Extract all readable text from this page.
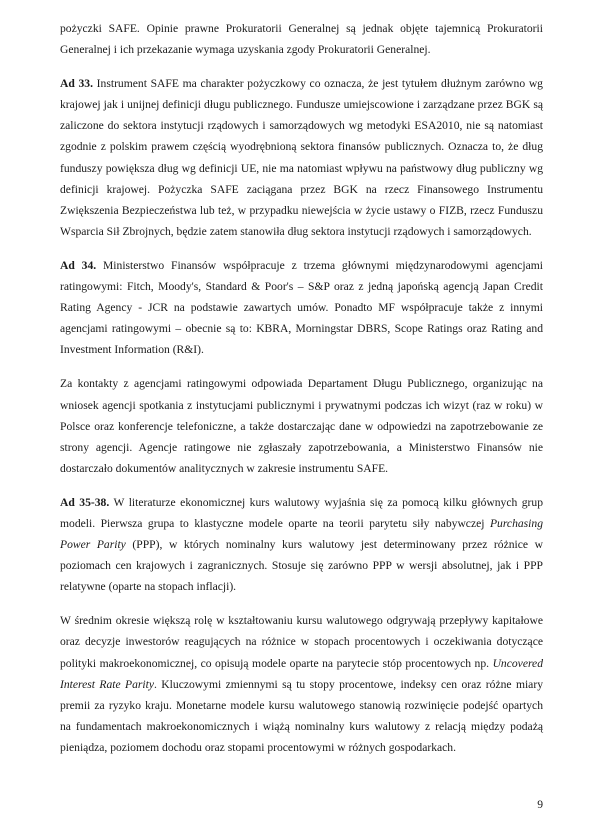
pożyczki SAFE. Opinie prawne Prokuratorii Generalnej są jednak objęte tajemnicą Prokuratorii Generalnej i ich przekazanie wymaga uzyskania zgody Prokuratorii Generalnej.

Ad 33. Instrument SAFE ma charakter pożyczkowy co oznacza, że jest tytułem dłużnym zarówno wg krajowej jak i unijnej definicji długu publicznego. Fundusze umiejscowione i zarządzane przez BGK są zaliczone do sektora instytucji rządowych i samorządowych wg metodyki ESA2010, nie są natomiast zgodnie z polskim prawem częścią wyodrębnioną sektora finansów publicznych. Oznacza to, że dług funduszy powiększa dług wg definicji UE, nie ma natomiast wpływu na państwowy dług publiczny wg definicji krajowej. Pożyczka SAFE zaciągana przez BGK na rzecz Finansowego Instrumentu Zwiększenia Bezpieczeństwa lub też, w przypadku niewejścia w życie ustawy o FIZB, rzecz Funduszu Wsparcia Sił Zbrojnych, będzie zatem stanowiła dług sektora instytucji rządowych i samorządowych.

Ad 34. Ministerstwo Finansów współpracuje z trzema głównymi międzynarodowymi agencjami ratingowymi: Fitch, Moody's, Standard & Poor's – S&P oraz z jedną japońską agencją Japan Credit Rating Agency - JCR na podstawie zawartych umów. Ponadto MF współpracuje także z innymi agencjami ratingowymi – obecnie są to: KBRA, Morningstar DBRS, Scope Ratings oraz Rating and Investment Information (R&I).

Za kontakty z agencjami ratingowymi odpowiada Departament Długu Publicznego, organizując na wniosek agencji spotkania z instytucjami publicznymi i prywatnymi podczas ich wizyt (raz w roku) w Polsce oraz konferencje telefoniczne, a także dostarczając dane w odpowiedzi na zapotrzebowanie ze strony agencji. Agencje ratingowe nie zgłaszały zapotrzebowania, a Ministerstwo Finansów nie dostarczało dokumentów analitycznych w zakresie instrumentu SAFE.

Ad 35-38. W literaturze ekonomicznej kurs walutowy wyjaśnia się za pomocą kilku głównych grup modeli. Pierwsza grupa to klastyczne modele oparte na teorii parytetu siły nabywczej Purchasing Power Parity (PPP), w których nominalny kurs walutowy jest determinowany przez różnice w poziomach cen krajowych i zagranicznych. Stosuje się zarówno PPP w wersji absolutnej, jak i PPP relatywne (oparte na stopach inflacji).

W średnim okresie większą rolę w kształtowaniu kursu walutowego odgrywają przepływy kapitałowe oraz decyzje inwestorów reagujących na różnice w stopach procentowych i oczekiwania dotyczące polityki makroekonomicznej, co opisują modele oparte na parytecie stóp procentowych np. Uncovered Interest Rate Parity. Kluczowymi zmiennymi są tu stopy procentowe, indeksy cen oraz różne miary premii za ryzyko kraju. Monetarne modele kursu walutowego stanowią rozwinięcie podejść opartych na fundamentach makroekonomicznych i wiążą nominalny kurs walutowy z relacją między podażą pieniądza, poziomem dochodu oraz stopami procentowymi w różnych gospodarkach.

9
